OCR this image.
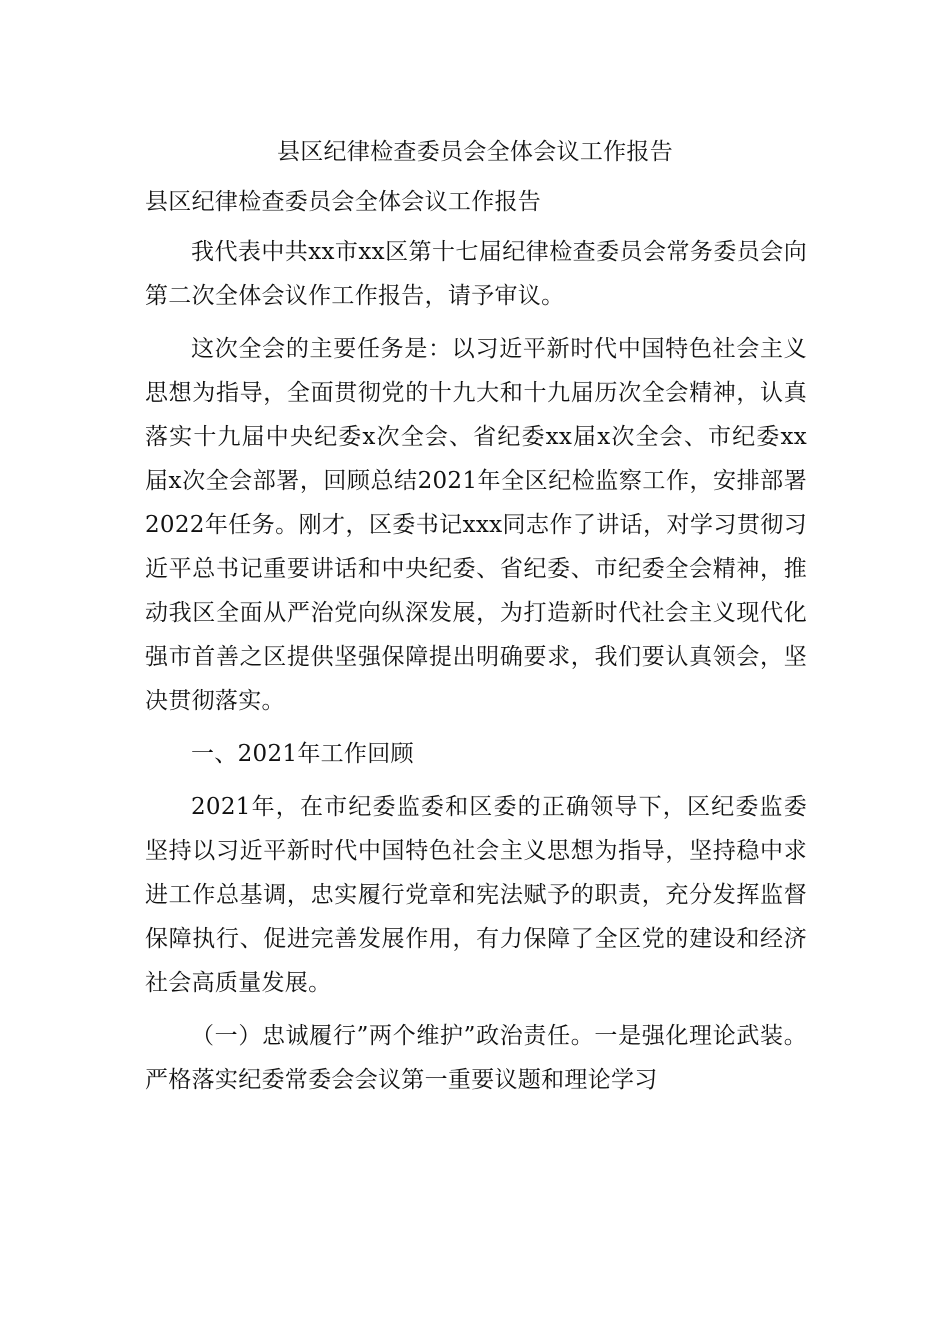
县区纪律检查委员会全体会议工作报告

县区纪律检查委员会全体会议工作报告

我代表中共xx市xx区第十七届纪律检查委员会常务委员会向第二次全体会议作工作报告，请予审议。

这次全会的主要任务是：以习近平新时代中国特色社会主义思想为指导，全面贯彻党的十九大和十九届历次全会精神，认真落实十九届中央纪委x次全会、省纪委xx届x次全会、市纪委xx届x次全会部署，回顾总结2021年全区纪检监察工作，安排部署2022年任务。刚才，区委书记xxx同志作了讲话，对学习贯彻习近平总书记重要讲话和中央纪委、省纪委、市纪委全会精神，推动我区全面从严治党向纵深发展，为打造新时代社会主义现代化强市首善之区提供坚强保障提出明确要求，我们要认真领会，坚决贯彻落实。

一、2021年工作回顾

2021年，在市纪委监委和区委的正确领导下，区纪委监委坚持以习近平新时代中国特色社会主义思想为指导，坚持稳中求进工作总基调，忠实履行党章和宪法赋予的职责，充分发挥监督保障执行、促进完善发展作用，有力保障了全区党的建设和经济社会高质量发展。

（一）忠诚履行”两个维护”政治责任。一是强化理论武装。严格落实纪委常委会会议第一重要议题和理论学习
